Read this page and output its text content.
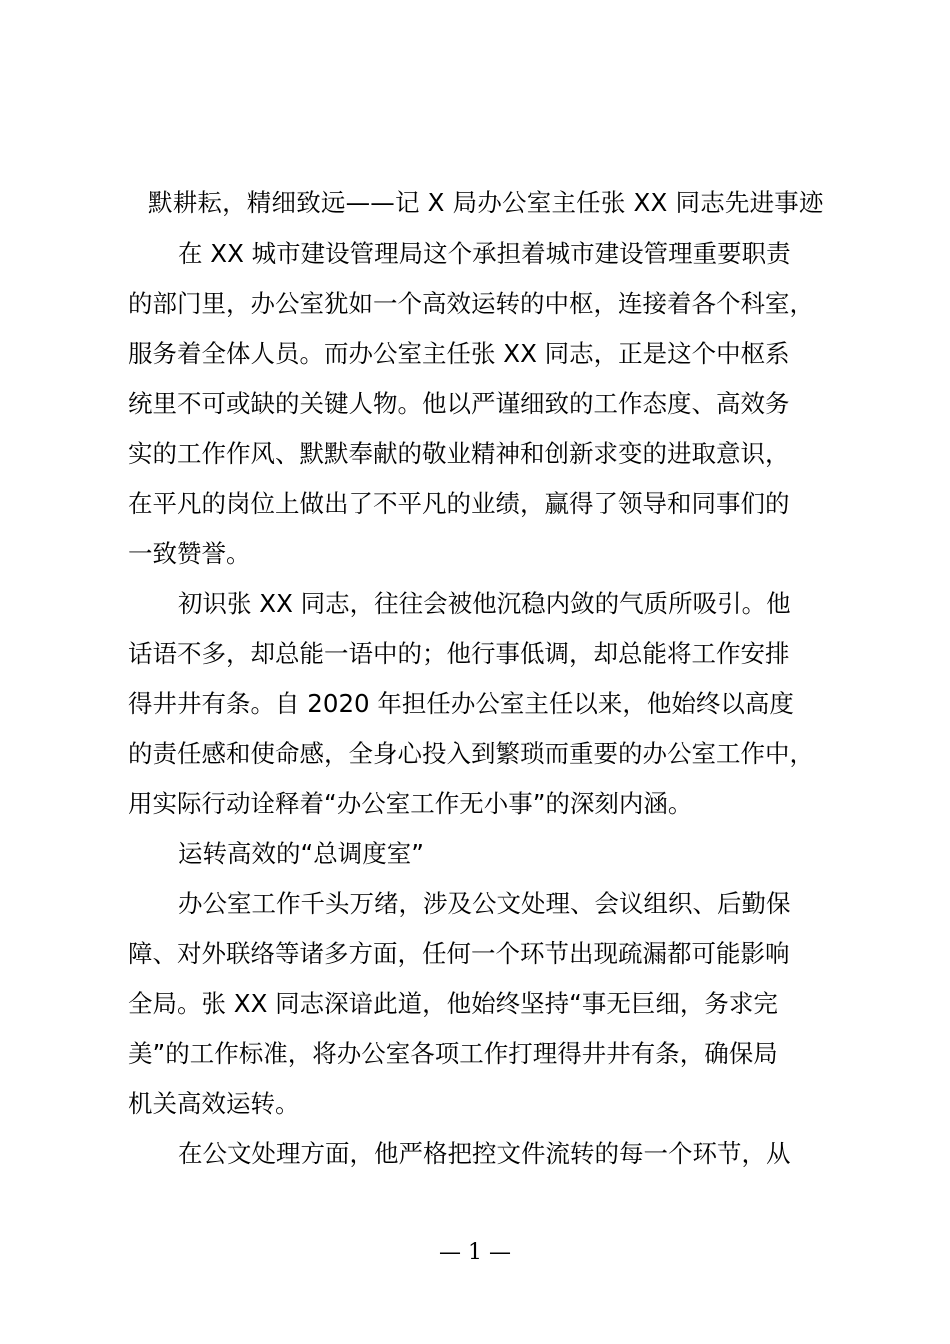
默耕耘，精细致远——记 X 局办公室主任张 XX 同志先进事迹
在 XX 城市建设管理局这个承担着城市建设管理重要职责
的部门里，办公室犹如一个高效运转的中枢，连接着各个科室，
服务着全体人员。而办公室主任张 XX 同志，正是这个中枢系
统里不可或缺的关键人物。他以严谨细致的工作态度、高效务
实的工作作风、默默奉献的敬业精神和创新求变的进取意识，
在平凡的岗位上做出了不平凡的业绩，赢得了领导和同事们的
一致赞誉。
初识张 XX 同志，往往会被他沉稳内敛的气质所吸引。他
话语不多，却总能一语中的；他行事低调，却总能将工作安排
得井井有条。自 2020 年担任办公室主任以来，他始终以高度
的责任感和使命感，全身心投入到繁琐而重要的办公室工作中，
用实际行动诠释着“办公室工作无小事”的深刻内涵。
运转高效的“总调度室”
办公室工作千头万绪，涉及公文处理、会议组织、后勤保
障、对外联络等诸多方面，任何一个环节出现疏漏都可能影响
全局。张 XX 同志深谙此道，他始终坚持“事无巨细，务求完
美”的工作标准，将办公室各项工作打理得井井有条，确保局
机关高效运转。
在公文处理方面，他严格把控文件流转的每一个环节，从
— 1 —
